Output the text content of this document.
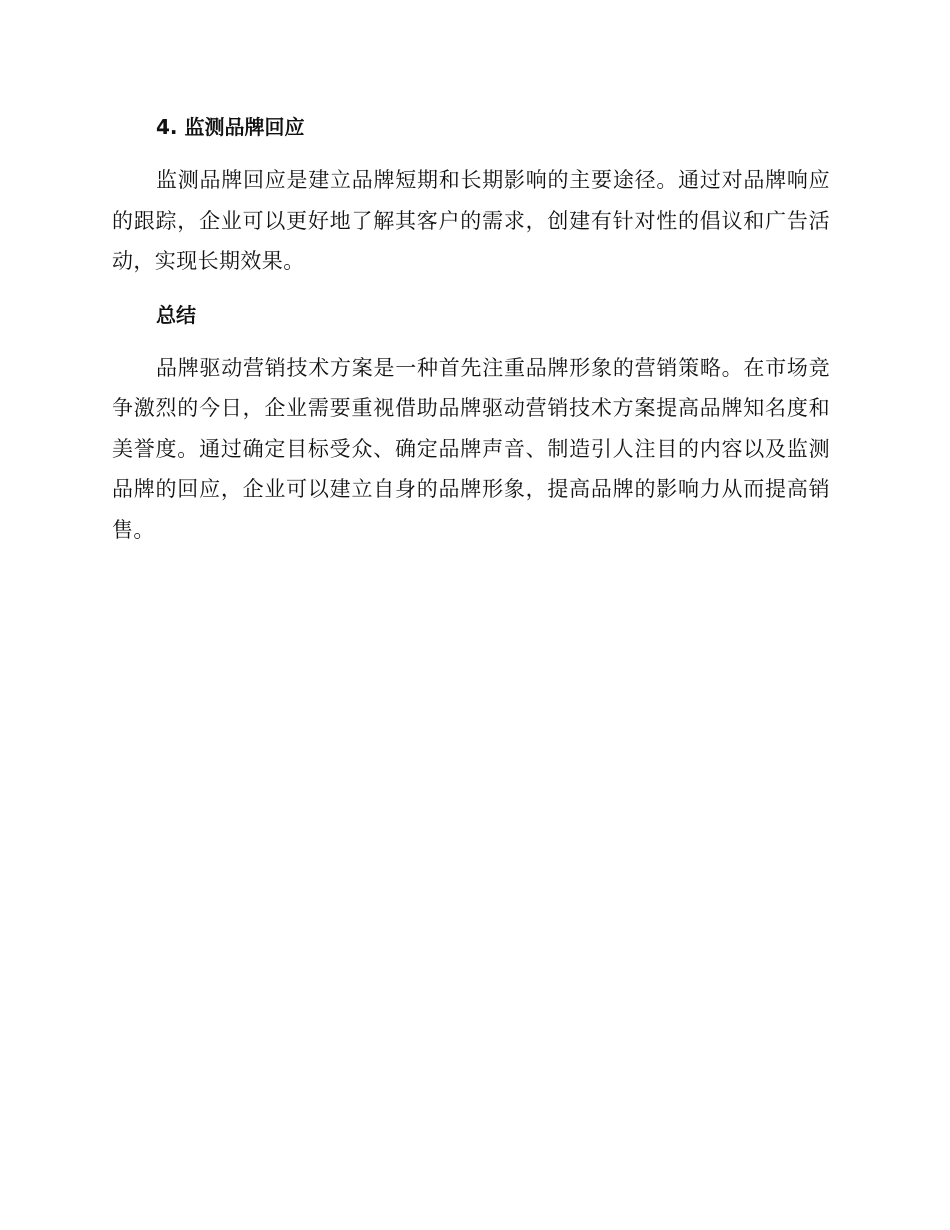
4. 监测品牌回应

监测品牌回应是建立品牌短期和长期影响的主要途径。通过对品牌响应的跟踪，企业可以更好地了解其客户的需求，创建有针对性的倡议和广告活动，实现长期效果。

总结

品牌驱动营销技术方案是一种首先注重品牌形象的营销策略。在市场竞争激烈的今日，企业需要重视借助品牌驱动营销技术方案提高品牌知名度和美誉度。通过确定目标受众、确定品牌声音、制造引人注目的内容以及监测品牌的回应，企业可以建立自身的品牌形象，提高品牌的影响力从而提高销售。
